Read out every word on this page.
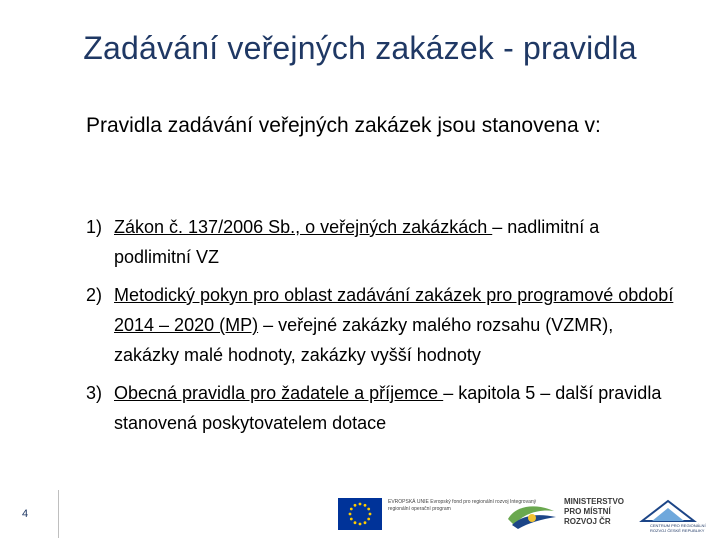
Zadávání veřejných zakázek - pravidla
Pravidla zadávání veřejných zakázek jsou stanovena v:
1) Zákon č. 137/2006 Sb., o veřejných zakázkách – nadlimitní a podlimitní VZ
2) Metodický pokyn pro oblast zadávání zakázek pro programové období 2014 – 2020 (MP) – veřejné zakázky malého rozsahu (VZMR), zakázky malé hodnoty, zakázky vyšší hodnoty
3) Obecná pravidla pro žadatele a příjemce – kapitola 5 – další pravidla stanovená poskytovatelem dotace
4
EVROPSKÁ UNIE Evropský fond pro regionální rozvoj Integrovaný regionální operační program
MINISTERSTVO PRO MÍSTNÍ ROZVOJ ČR	CENTRUM PRO REGIONÁLNÍ ROZVOJ ČESKÉ REPUBLIKY
